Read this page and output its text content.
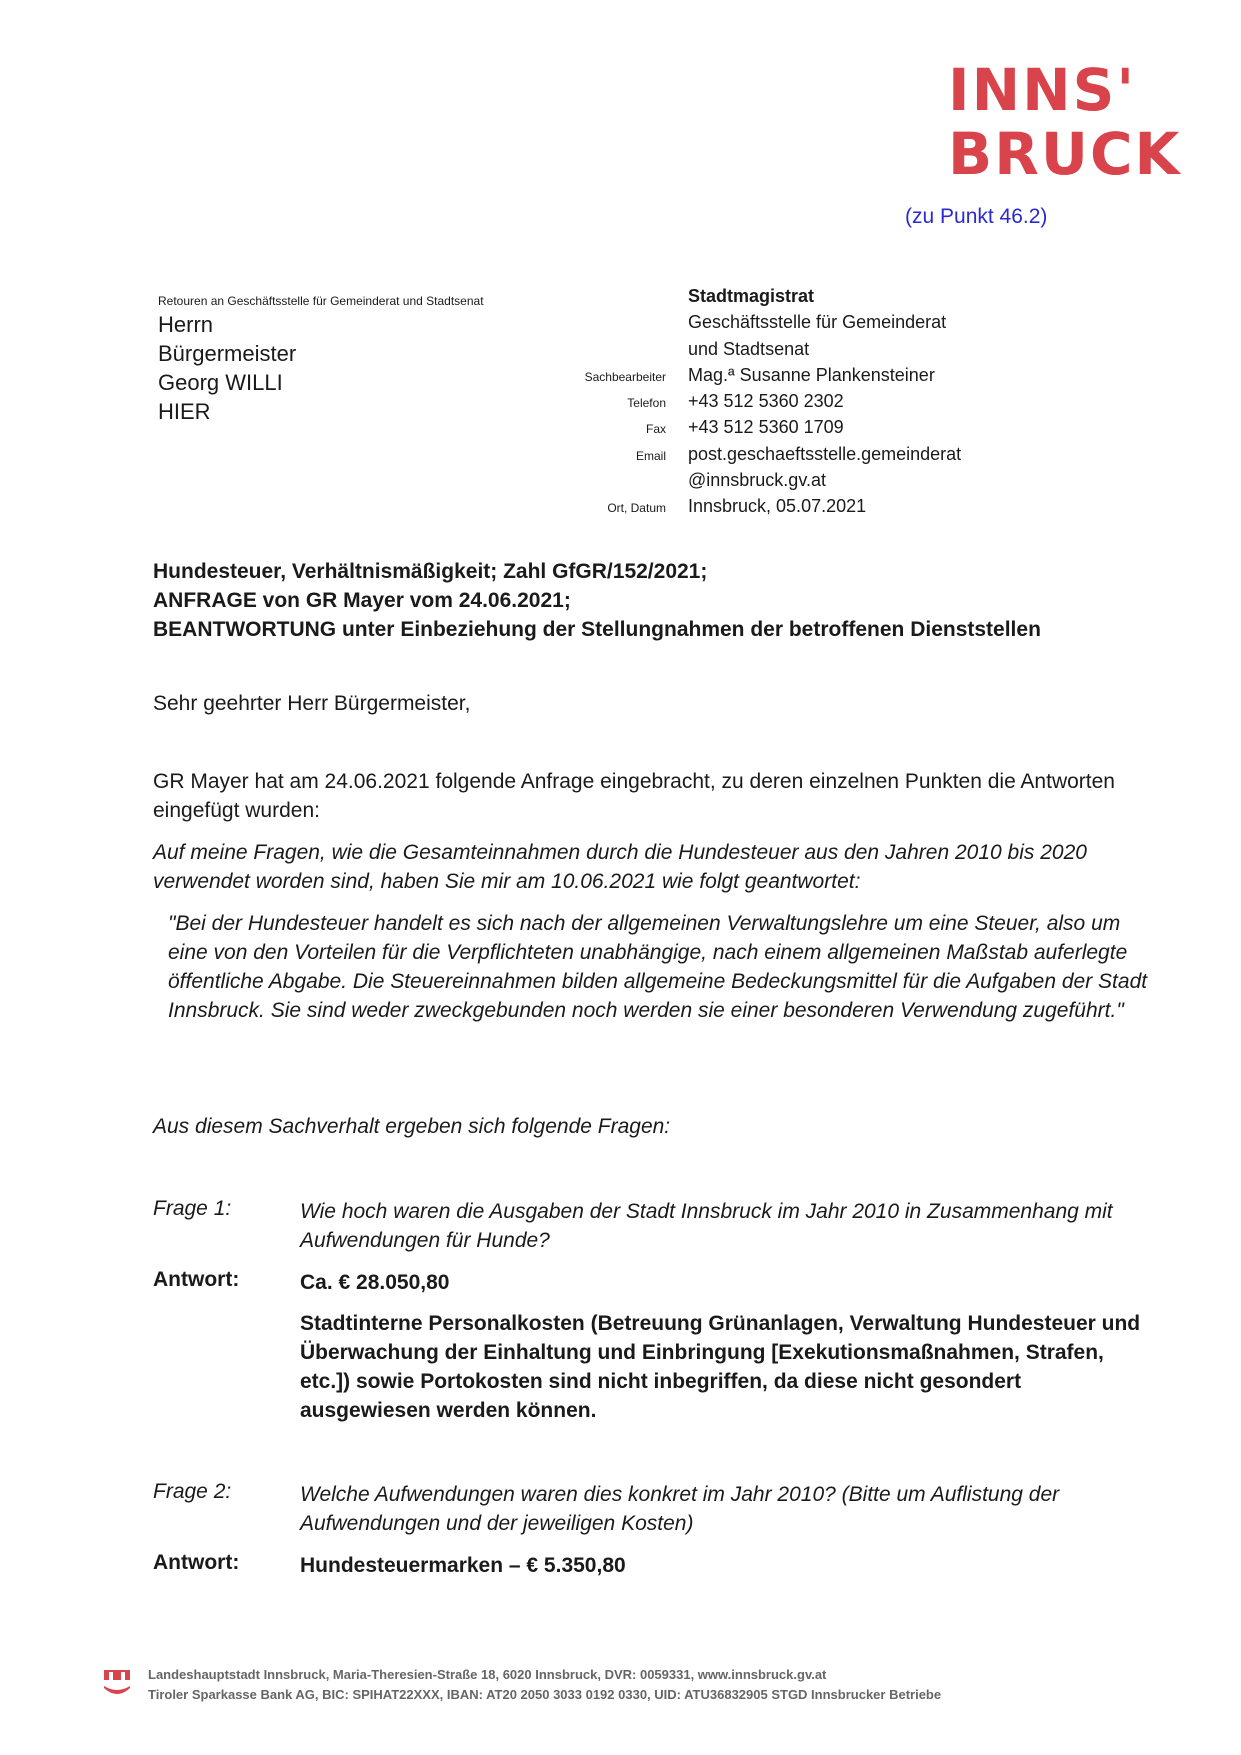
INNS'
BRUCK
(zu Punkt 46.2)
Retouren an Geschäftsstelle für Gemeinderat und Stadtsenat
Herrn
Bürgermeister
Georg WILLI
HIER
Stadtmagistrat
Geschäftsstelle für Gemeinderat
und Stadtsenat
Sachbearbeiter	Mag.ª Susanne Plankensteiner
Telefon	+43 512 5360 2302
Fax	+43 512 5360 1709
Email	post.geschaeftsstelle.gemeinderat
@innsbruck.gv.at
Ort, Datum	Innsbruck, 05.07.2021
Hundesteuer, Verhältnismäßigkeit; Zahl GfGR/152/2021;
ANFRAGE von GR Mayer vom 24.06.2021;
BEANTWORTUNG unter Einbeziehung der Stellungnahmen der betroffenen Dienststellen
Sehr geehrter Herr Bürgermeister,
GR Mayer hat am 24.06.2021 folgende Anfrage eingebracht, zu deren einzelnen Punkten die Antworten eingefügt wurden:
Auf meine Fragen, wie die Gesamteinnahmen durch die Hundesteuer aus den Jahren 2010 bis 2020 verwendet worden sind, haben Sie mir am 10.06.2021 wie folgt geantwortet:
"Bei der Hundesteuer handelt es sich nach der allgemeinen Verwaltungslehre um eine Steuer, also um eine von den Vorteilen für die Verpflichteten unabhängige, nach einem allgemeinen Maßstab auferlegte öffentliche Abgabe. Die Steuereinnahmen bilden allgemeine Bedeckungsmittel für die Aufgaben der Stadt Innsbruck. Sie sind weder zweckgebunden noch werden sie einer besonderen Verwendung zugeführt."
Aus diesem Sachverhalt ergeben sich folgende Fragen:
Frage 1:	Wie hoch waren die Ausgaben der Stadt Innsbruck im Jahr 2010 in Zusammenhang mit Aufwendungen für Hunde?
Antwort:	Ca. € 28.050,80
Stadtinterne Personalkosten (Betreuung Grünanlagen, Verwaltung Hundesteuer und Überwachung der Einhaltung und Einbringung [Exekutionsmaßnahmen, Strafen, etc.]) sowie Portokosten sind nicht inbegriffen, da diese nicht gesondert ausgewiesen werden können.
Frage 2:	Welche Aufwendungen waren dies konkret im Jahr 2010? (Bitte um Auflistung der Aufwendungen und der jeweiligen Kosten)
Antwort:	Hundesteuermarken – € 5.350,80
Landeshauptstadt Innsbruck, Maria-Theresien-Straße 18, 6020 Innsbruck, DVR: 0059331, www.innsbruck.gv.at
Tiroler Sparkasse Bank AG, BIC: SPIHAT22XXX, IBAN: AT20 2050 3033 0192 0330, UID: ATU36832905 STGD Innsbrucker Betriebe
